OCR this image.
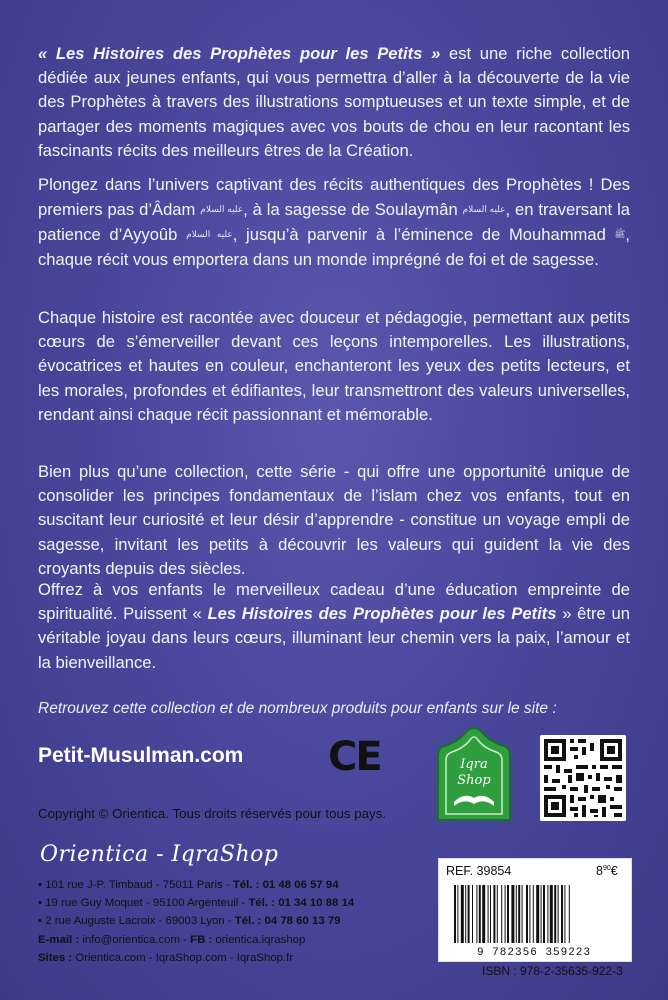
« Les Histoires des Prophètes pour les Petits » est une riche collection dédiée aux jeunes enfants, qui vous permettra d’aller à la découverte de la vie des Prophètes à travers des illustrations somptueuses et un texte simple, et de partager des moments magiques avec vos bouts de chou en leur racontant les fascinants récits des meilleurs êtres de la Création.

Plongez dans l’univers captivant des récits authentiques des Prophètes ! Des premiers pas d’Âdam عليه السلام, à la sagesse de Soulaymân عليه السلام, en traversant la patience d’Ayyoûb عليه السلام, jusqu’à parvenir à l’éminence de Mouhammad ﷺ, chaque récit vous emportera dans un monde imprégné de foi et de sagesse.

Chaque histoire est racontée avec douceur et pédagogie, permettant aux petits cœurs de s’émerveiller devant ces leçons intemporelles. Les illustrations, évocatrices et hautes en couleur, enchanteront les yeux des petits lecteurs, et les morales, profondes et édifiantes, leur transmettront des valeurs universelles, rendant ainsi chaque récit passionnant et mémorable.

Bien plus qu’une collection, cette série - qui offre une opportunité unique de consolider les principes fondamentaux de l’islam chez vos enfants, tout en suscitant leur curiosité et leur désir d’apprendre - constitue un voyage empli de sagesse, invitant les petits à découvrir les valeurs qui guident la vie des croyants depuis des siècles.

Offrez à vos enfants le merveilleux cadeau d’une éducation empreinte de spiritualité. Puissent « Les Histoires des Prophètes pour les Petits » être un véritable joyau dans leurs cœurs, illuminant leur chemin vers la paix, l’amour et la bienveillance.

Retrouvez cette collection et de nombreux produits pour enfants sur le site :

Petit-Musulman.com CE	Iqra
Shop
Copyright © Orientica. Tous droits réservés pour tous pays.
Orientica - IqraShop
▪ 101 rue J-P. Timbaud - 75011 Paris - Tél. : 01 48 06 57 94
▪ 19 rue Guy Moquet - 95100 Argenteuil - Tél. : 01 34 10 88 14
▪ 2 rue Auguste Lacroix - 69003 Lyon - Tél. : 04 78 60 13 79
E-mail : info@orientica.com - FB : orientica.iqrashop
Sites : Orientica.com - IqraShop.com - IqraShop.fr
REF. 39854	$8^{90}€$
9 782356 359223
ISBN : 978-2-35635-922-3
